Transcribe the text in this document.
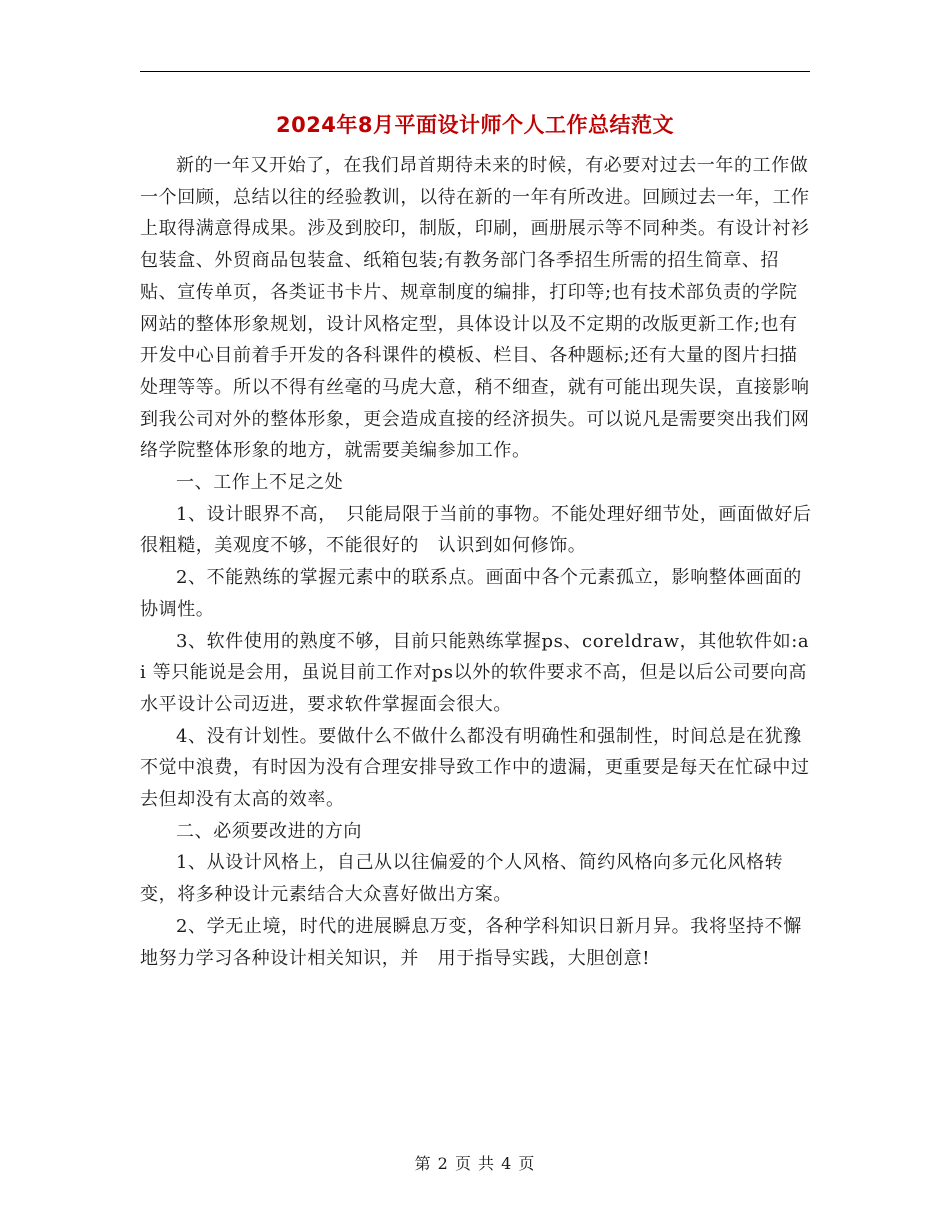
2024年8月平面设计师个人工作总结范文

新的一年又开始了，在我们昂首期待未来的时候，有必要对过去一年的工作做一个回顾，总结以往的经验教训，以待在新的一年有所改进。回顾过去一年，工作上取得满意得成果。涉及到胶印，制版，印刷，画册展示等不同种类。有设计衬衫包装盒、外贸商品包装盒、纸箱包装;有教务部门各季招生所需的招生简章、招贴、宣传单页，各类证书卡片、规章制度的编排，打印等;也有技术部负责的学院网站的整体形象规划，设计风格定型，具体设计以及不定期的改版更新工作;也有开发中心目前着手开发的各科课件的模板、栏目、各种题标;还有大量的图片扫描处理等等。所以不得有丝毫的马虎大意，稍不细查，就有可能出现失误，直接影响到我公司对外的整体形象，更会造成直接的经济损失。可以说凡是需要突出我们网络学院整体形象的地方，就需要美编参加工作。

一、工作上不足之处

1、设计眼界不高，　只能局限于当前的事物。不能处理好细节处，画面做好后很粗糙，美观度不够，不能很好的　认识到如何修饰。

2、不能熟练的掌握元素中的联系点。画面中各个元素孤立，影响整体画面的协调性。

3、软件使用的熟度不够，目前只能熟练掌握ps、coreldraw，其他软件如:ai 等只能说是会用，虽说目前工作对ps以外的软件要求不高，但是以后公司要向高水平设计公司迈进，要求软件掌握面会很大。

4、没有计划性。要做什么不做什么都没有明确性和强制性，时间总是在犹豫不觉中浪费，有时因为没有合理安排导致工作中的遗漏，更重要是每天在忙碌中过去但却没有太高的效率。

二、必须要改进的方向

1、从设计风格上，自己从以往偏爱的个人风格、简约风格向多元化风格转变，将多种设计元素结合大众喜好做出方案。

2、学无止境，时代的进展瞬息万变，各种学科知识日新月异。我将坚持不懈地努力学习各种设计相关知识，并　用于指导实践，大胆创意!

第 2 页 共 4 页
